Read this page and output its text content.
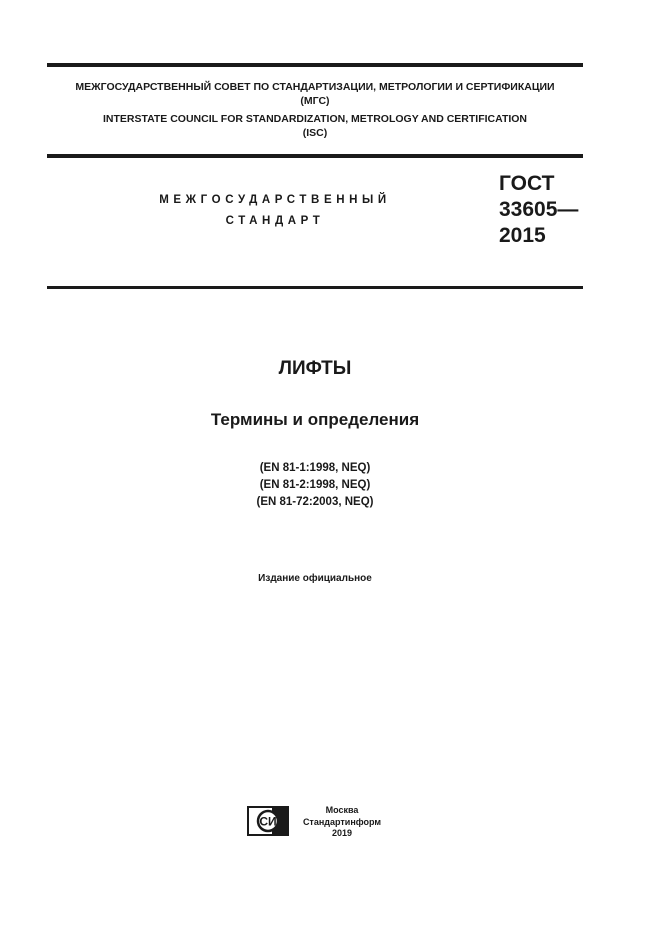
МЕЖГОСУДАРСТВЕННЫЙ СОВЕТ ПО СТАНДАРТИЗАЦИИ, МЕТРОЛОГИИ И СЕРТИФИКАЦИИ
(МГС)
INTERSTATE COUNCIL FOR STANDARDIZATION, METROLOGY AND CERTIFICATION
(ISC)
МЕЖГОСУДАРСТВЕННЫЙ
СТАНДАРТ
ГОСТ
33605—
2015
ЛИФТЫ
Термины и определения
(EN 81-1:1998, NEQ)
(EN 81-2:1998, NEQ)
(EN 81-72:2003, NEQ)
Издание официальное
СИ
Москва
Стандартинформ
2019
